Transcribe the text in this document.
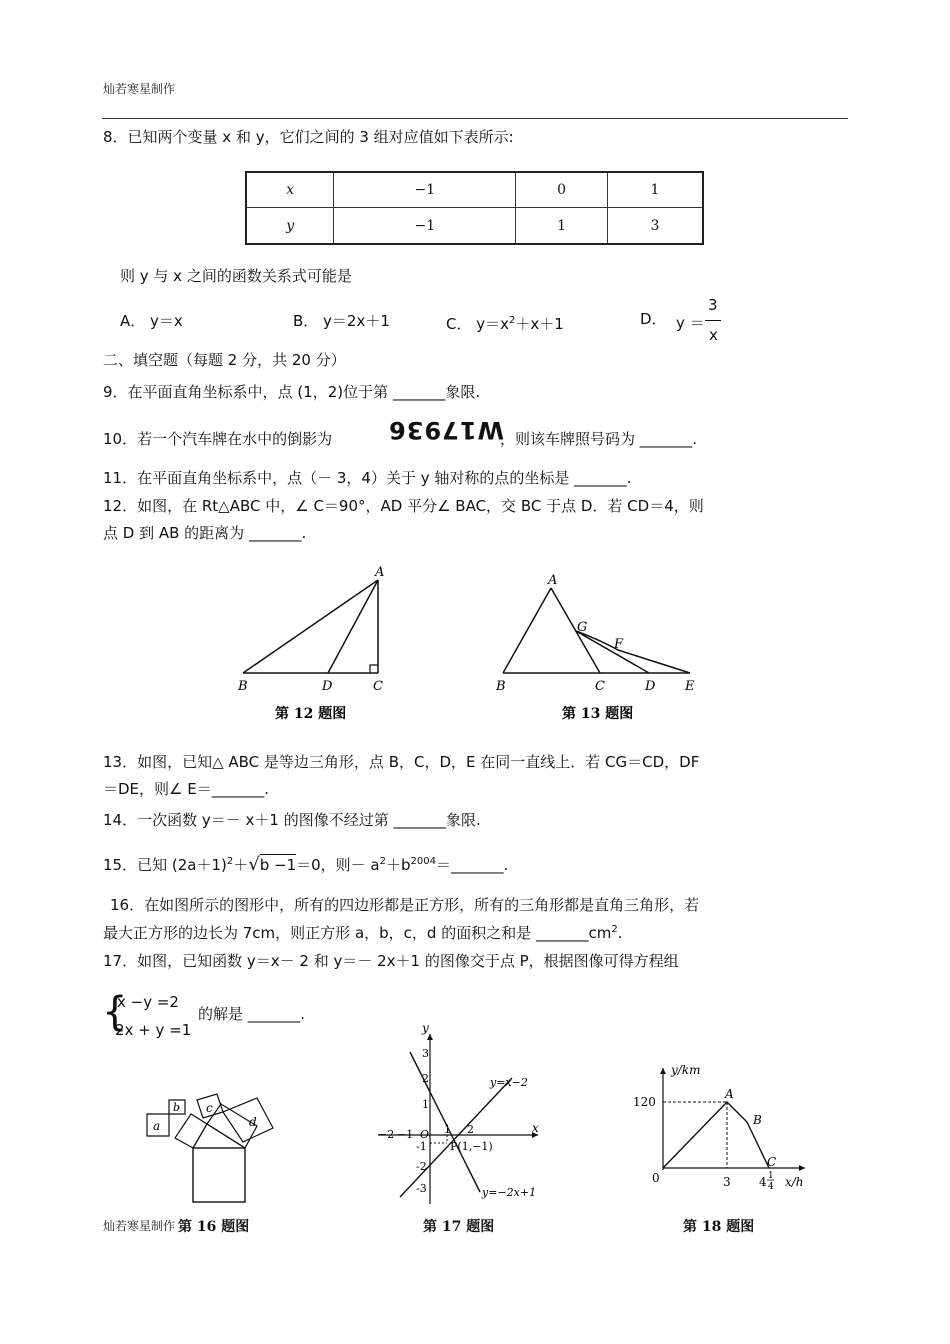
灿若寒星制作
8．已知两个变量 x 和 y，它们之间的 3 组对应值如下表所示:
x	−1	0	1
y	−1	1	3
则 y 与 x 之间的函数关系式可能是
A． y＝x	B． y＝2x＋1	C． $y=x^2+x+1$	D． y ＝
3
x
二、填空题（每题 2 分，共 20 分）
9．在平面直角坐标系中，点 (1，2)位于第 _______象限.
10．若一个汽车牌在水中的倒影为 W17936
，则该车牌照号码为 _______.
11．在平面直角坐标系中，点（－ 3，4）关于 y 轴对称的点的坐标是 _______.
12．如图，在 Rt△ABC 中，∠ C＝90°，AD 平分∠ BAC，交 BC 于点 D．若 CD＝4，则
点 D 到 AB 的距离为 _______.
A
B	C
D
A
B	C	D E
F
G
第 12 题图	第 13 题图
13．如图，已知△ ABC 是等边三角形，点 B，C，D，E 在同一直线上．若 CG＝CD，DF
＝DE，则∠ E＝_______.
14．一次函数 y＝－ x＋1 的图像不经过第 _______象限.
15．已知 $(2a+1)^2+√b -1=0$，则－ $a^2+b^{2004}=\_\_\_\_\_\_\_$.
16．在如图所示的图形中，所有的四边形都是正方形，所有的三角形都是直角三角形，若
最大正方形的边长为 7cm，则正方形 a，b，c，d 的面积之和是 $\_\_\_\_\_\_\_cm^2$.
17．如图，已知函数 y＝x－ 2 和 y＝－ 2x＋1 的图像交于点 P，根据图像可得方程组
{
x −y =2
2x + y =1
的解是 _______.
a
b c
d
y
x
3
2
1
-1
-2
-3
−2 −1 O 1 2
y=x−2
y=−2x+1
P(1,−1)
y/km
x/h
120
0	3 4 1
4
A
B
C
灿若寒星制作 第 16 题图	第 17 题图	第 18 题图
